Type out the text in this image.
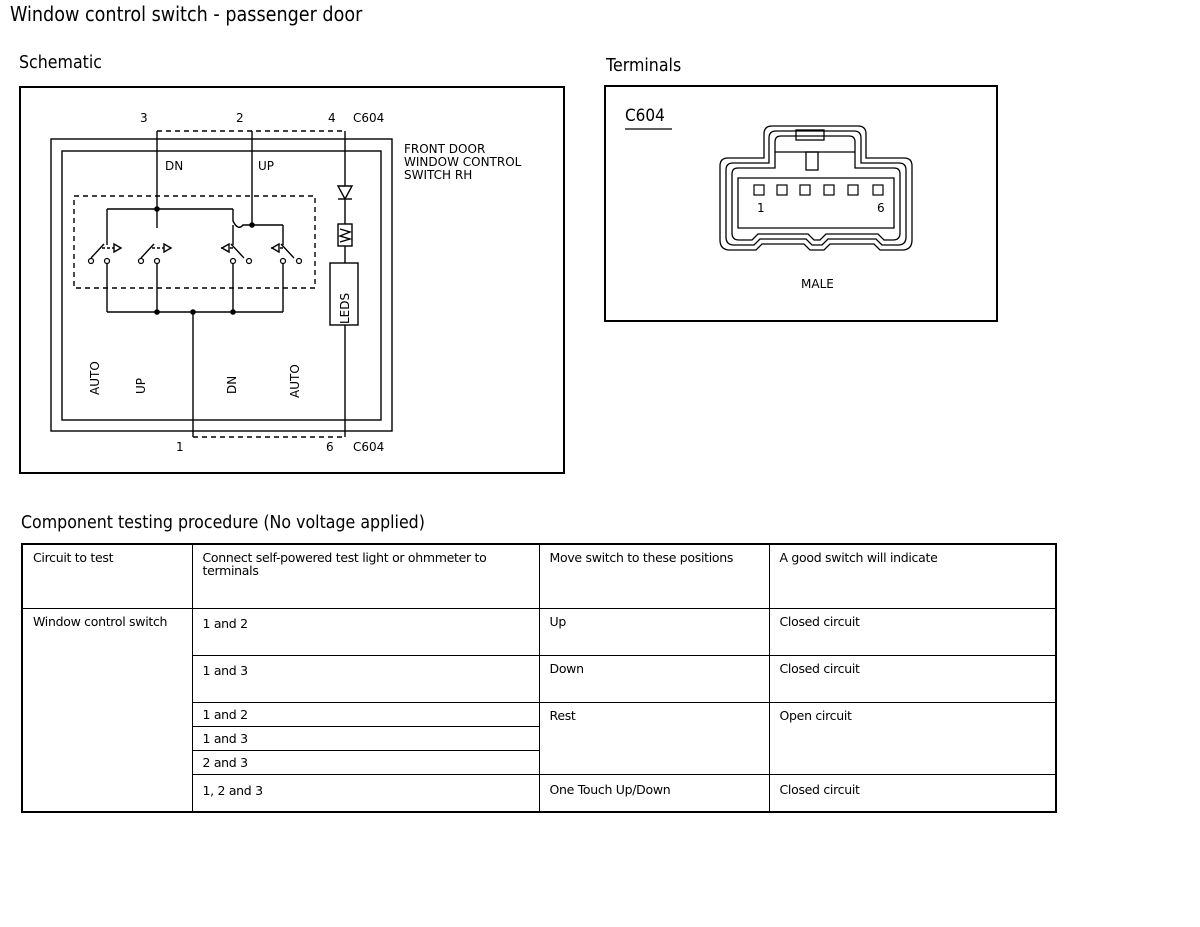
Window control switch - passenger door
Schematic
3	2	4 C604
1	6 C604
FRONT DOOR
WINDOW CONTROL
SWITCH RH
DN	UP
LEDS
AUTO	UP	DN	AUTO
1	6
MALE
Terminals
C604
Component testing procedure (No voltage applied)
Circuit to test	Connect self-powered test light or ohmmeter to terminals	Move switch to these positions	A good switch will indicate
Window control switch	1 and 2	Up	Closed circuit
	1 and 3	Down	Closed circuit
	1 and 2	Rest	Open circuit
	1 and 3		
	2 and 3		
	1, 2 and 3	One Touch Up/Down	Closed circuit
